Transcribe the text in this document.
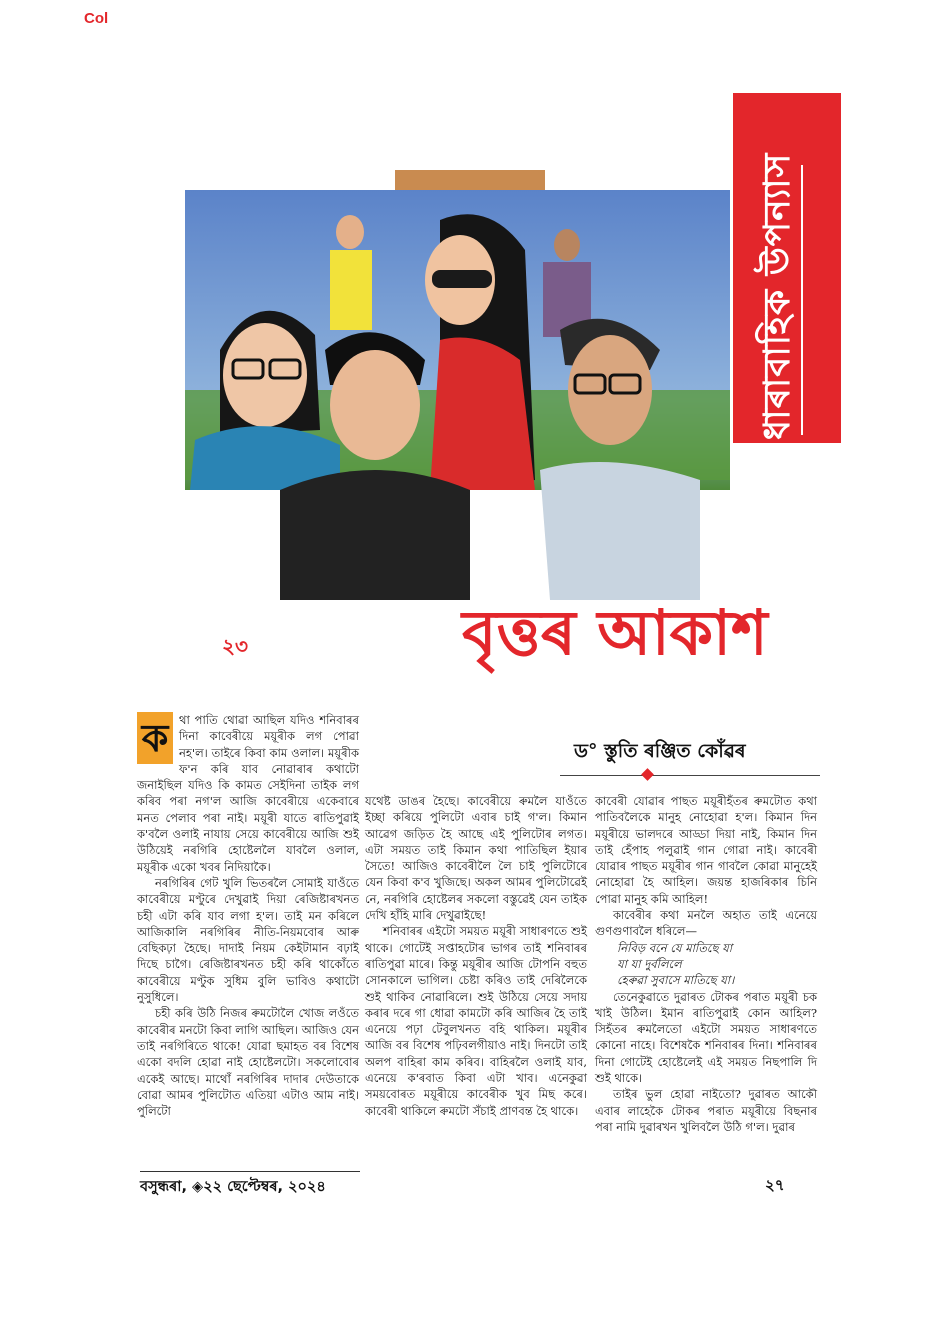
Col
ধাৰাবাহিক উপন্যাস
বৃত্তৰ আকাশ
২৩
ড° স্তুতি ৰঞ্জিত কোঁৱৰ
ক থা পাতি থোৱা আছিল যদিও শনিবাৰৰ দিনা কাবেৰীয়ে ময়ূৰীক লগ পোৱা নহ'ল। তাইৰে কিবা কাম ওলাল। ময়ূৰীক ফ'ন কৰি যাব নোৱাৰাৰ কথাটো জনাইছিল যদিও কি কামত সেইদিনা তাইক লগ কৰিব পৰা নগ'ল আজি কাবেৰীয়ে একেবাৰে মনত পেলাব পৰা নাই। ময়ূৰী যাতে ৰাতিপুৱাই ক'বলৈ ওলাই নাযায় সেয়ে কাবেৰীয়ে আজি শুই উঠিয়েই নৰগিৰি হোষ্টেললৈ যাবলৈ ওলাল, ময়ূৰীক একো খবৰ নিদিয়াকৈ।

নৰগিৰিৰ গেট খুলি ভিতৰলৈ সোমাই যাওঁতে কাবেৰীয়ে মণ্টুৰে দেখুৱাই দিয়া ৰেজিষ্টাৰখনত চহী এটা কৰি যাব লগা হ'ল। তাই মন কৰিলে আজিকালি নৰগিৰিৰ নীতি-নিয়মবোৰ আৰু বেছিকঢ়া হৈছে। দাদাই নিয়ম কেইটামান বঢ়াই দিছে চাগৈ। ৰেজিষ্টাৰখনত চহী কৰি থাকোঁতে কাবেৰীয়ে মণ্টুক সুধিম বুলি ভাবিও কথাটো নুসুধিলে।

চহী কৰি উঠি নিজৰ ৰুমটোলৈ খোজ লওঁতে কাবেৰীৰ মনটো কিবা লাগি আছিল। আজিও যেন তাই নৰগিৰিতে থাকে! যোৱা ছমাহত বৰ বিশেষ একো বদলি হোৱা নাই হোষ্টেলটো। সকলোবোৰ একেই আছে। মাথোঁ নৰগিৰিৰ দাদাৰ দেউতাকে বোৱা আমৰ পুলিটোত এতিয়া এটাও আম নাই। পুলিটো

যথেষ্ট ডাঙৰ হৈছে। কাবেৰীয়ে ৰুমলৈ যাওঁতে ইচ্ছা কৰিয়ে পুলিটো এবাৰ চাই গ'ল। কিমান আৱেগ জড়িত হৈ আছে এই পুলিটোৰ লগত। এটা সময়ত তাই কিমান কথা পাতিছিল ইয়াৰ সৈতে! আজিও কাবেৰীলৈ লৈ চাই পুলিটোৰে যেন কিবা ক'ব খুজিছে। অকল আমৰ পুলিটোৱেই নে, নৰগিৰি হোষ্টেলৰ সকলো বস্তুৱেই যেন তাইক দেখি হাঁহি মাৰি দেখুৱাইছে!

শনিবাৰৰ এইটো সময়ত ময়ূৰী সাধাৰণতে শুই থাকে। গোটেই সপ্তাহটোৰ ভাগৰ তাই শনিবাৰৰ ৰাতিপুৱা মাৰে। কিন্তু ময়ূৰীৰ আজি টোপনি বহুত সোনকালে ভাগিল। চেষ্টা কৰিও তাই দেৰিলৈকে শুই থাকিব নোৱাৰিলে। শুই উঠিয়ে সেয়ে সদায় কৰাৰ দৰে গা ধোৱা কামটো কৰি আজিৰ হৈ তাই এনেয়ে পঢ়া টেবুলখনত বহি থাকিল। ময়ূৰীৰ আজি বৰ বিশেষ পঢ়িবলগীয়াও নাই। দিনটো তাই অলপ বাহিৰা কাম কৰিব। বাহিৰলৈ ওলাই যাব, এনেয়ে ক'ৰবাত কিবা এটা খাব। এনেকুৱা সময়বোৰত ময়ূৰীয়ে কাবেৰীক খুব মিছ কৰে। কাবেৰী থাকিলে ৰুমটো সঁচাই প্ৰাণবন্ত হৈ থাকে।

কাবেৰী যোৱাৰ পাছত ময়ূৰীহঁতৰ ৰুমটোত কথা পাতিবলৈকে মানুহ নোহোৱা হ'ল। কিমান দিন ময়ূৰীয়ে ভালদৰে আড্ডা দিয়া নাই, কিমান দিন তাই হেঁপাহ পলুৱাই গান গোৱা নাই। কাবেৰী যোৱাৰ পাছত ময়ূৰীৰ গান গাবলৈ কোৱা মানুহেই নোহোৱা হৈ আহিল। জয়ন্ত হাজৰিকাৰ চিনি পোৱা মানুহ কমি আহিল!

কাবেৰীৰ কথা মনলৈ অহাত তাই এনেয়ে গুণগুণাবলৈ ধৰিলে—

নিবিড় বনে যে মাতিছে যা

যা যা দুৰ্বলিলে

হেৰুৱা সুবাসে মাতিছে যা।

তেনেকুৱাতে দুৱাৰত টোকৰ পৰাত ময়ূৰী চক খাই উঠিল। ইমান ৰাতিপুৱাই কোন আহিল? সিহঁতৰ ৰুমলৈতো এইটো সময়ত সাধাৰণতে কোনো নাহে। বিশেষকৈ শনিবাৰৰ দিনা। শনিবাৰৰ দিনা গোটেই হোষ্টেলেই এই সময়ত নিছপালি দি শুই থাকে।

তাইৰ ভুল হোৱা নাইতো? দুৱাৰত আকৌ এবাৰ লাহেকৈ টোকৰ পৰাত ময়ূৰীয়ে বিছনাৰ পৰা নামি দুৱাৰখন খুলিবলৈ উঠি গ'ল। দুৱাৰ

বসুন্ধৰা, ◈২২ ছেপ্টেম্বৰ, ২০২৪	২৭
